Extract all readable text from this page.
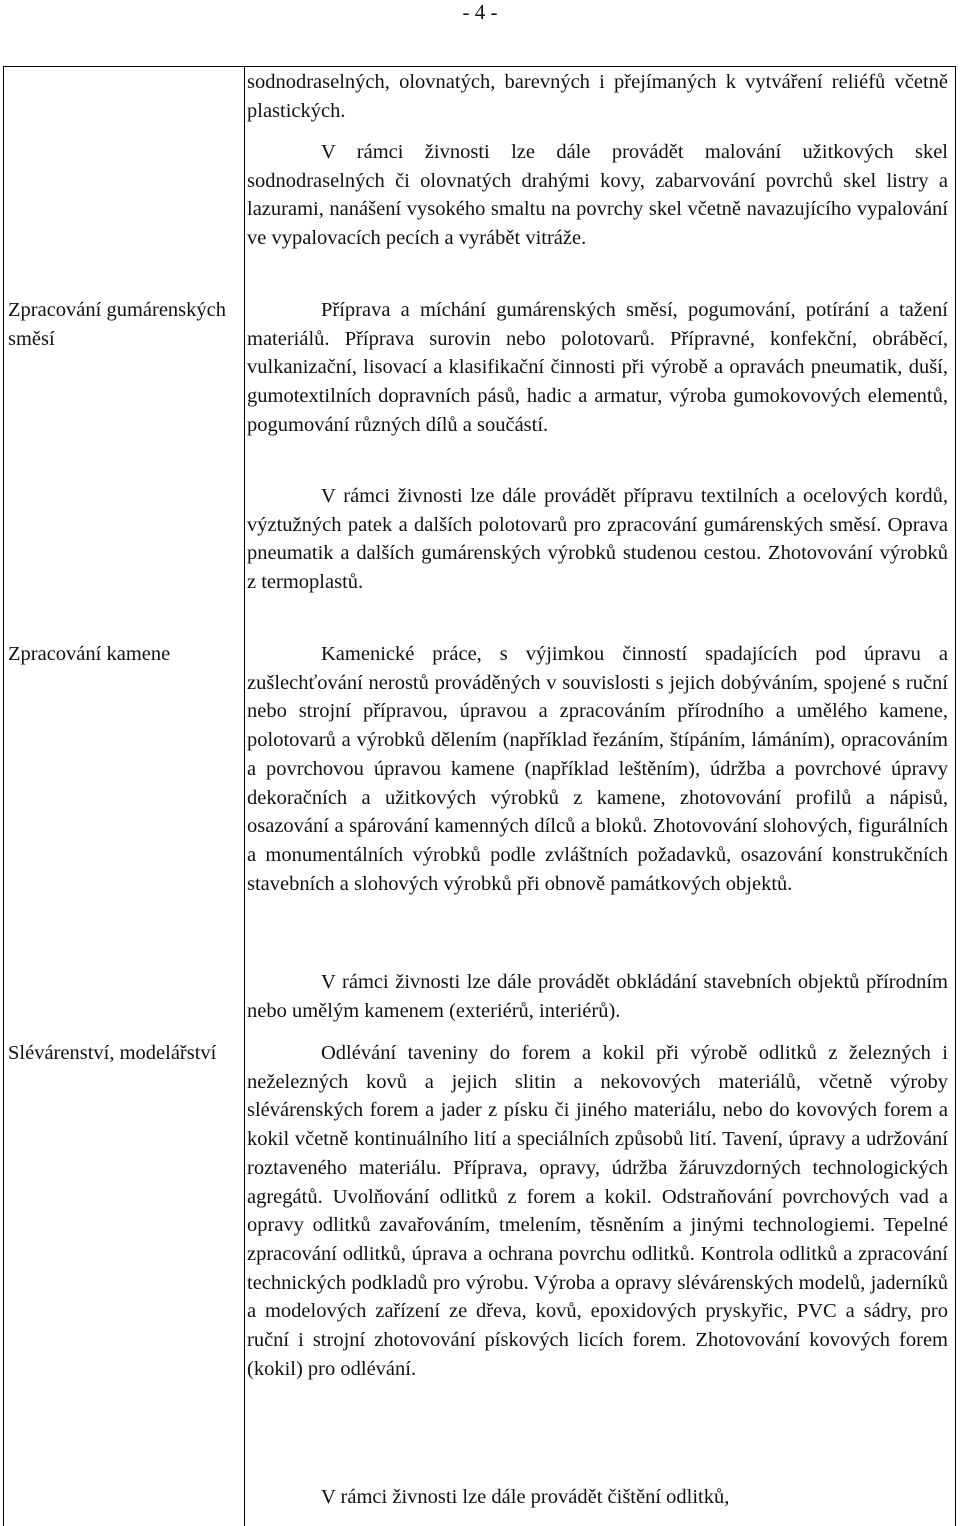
- 4 -
sodnodraselných, olovnatých, barevných i přejímaných k vytváření reliéfů včetně plastických.
V rámci živnosti lze dále provádět malování užitkových skel sodnodraselných či olovnatých drahými kovy, zabarvování povrchů skel listry a lazurami, nanášení vysokého smaltu na povrchy skel včetně navazujícího vypalování ve vypalovacích pecích a vyrábět vitráže.
Zpracování gumárenských směsí
Příprava a míchání gumárenských směsí, pogumování, potírání a tažení materiálů. Příprava surovin nebo polotovarů. Přípravné, konfekční, obráběcí, vulkanizační, lisovací a klasifikační činnosti při výrobě a opravách pneumatik, duší, gumotextilních dopravních pásů, hadic a armatur, výroba gumokovových elementů, pogumování různých dílů a součástí.
V rámci živnosti lze dále provádět přípravu textilních a ocelových kordů, výztužných patek a dalších polotovarů pro zpracování gumárenských směsí. Oprava pneumatik a dalších gumárenských výrobků studenou cestou. Zhotovování výrobků z termoplastů.
Zpracování kamene	Kamenické práce, s výjimkou činností spadajících pod úpravu a zušlechťování nerostů prováděných v souvislosti s jejich dobýváním, spojené s ruční nebo strojní přípravou, úpravou a zpracováním přírodního a umělého kamene, polotovarů a výrobků dělením (například řezáním, štípáním, lámáním), opracováním a povrchovou úpravou kamene (například leštěním), údržba a povrchové úpravy dekoračních a užitkových výrobků z kamene, zhotovování profilů a nápisů, osazování a spárování kamenných dílců a bloků. Zhotovování slohových, figurálních a monumentálních výrobků podle zvláštních požadavků, osazování konstrukčních stavebních a slohových výrobků při obnově památkových objektů.
V rámci živnosti lze dále provádět obkládání stavebních objektů přírodním nebo umělým kamenem (exteriérů, interiérů).
Slévárenství, modelářství	Odlévání taveniny do forem a kokil při výrobě odlitků z železných i neželezných kovů a jejich slitin a nekovových materiálů, včetně výroby slévárenských forem a jader z písku či jiného materiálu, nebo do kovových forem a kokil včetně kontinuálního lití a speciálních způsobů lití. Tavení, úpravy a udržování roztaveného materiálu. Příprava, opravy, údržba žáruvzdorných technologických agregátů. Uvolňování odlitků z forem a kokil. Odstraňování povrchových vad a opravy odlitků zavařováním, tmelením, těsněním a jinými technologiemi. Tepelné zpracování odlitků, úprava a ochrana povrchu odlitků. Kontrola odlitků a zpracování technických podkladů pro výrobu. Výroba a opravy slévárenských modelů, jaderníků a modelových zařízení ze dřeva, kovů, epoxidových pryskyřic, PVC a sádry, pro ruční i strojní zhotovování pískových licích forem. Zhotovování kovových forem (kokil) pro odlévání.
V rámci živnosti lze dále provádět čištění odlitků,
